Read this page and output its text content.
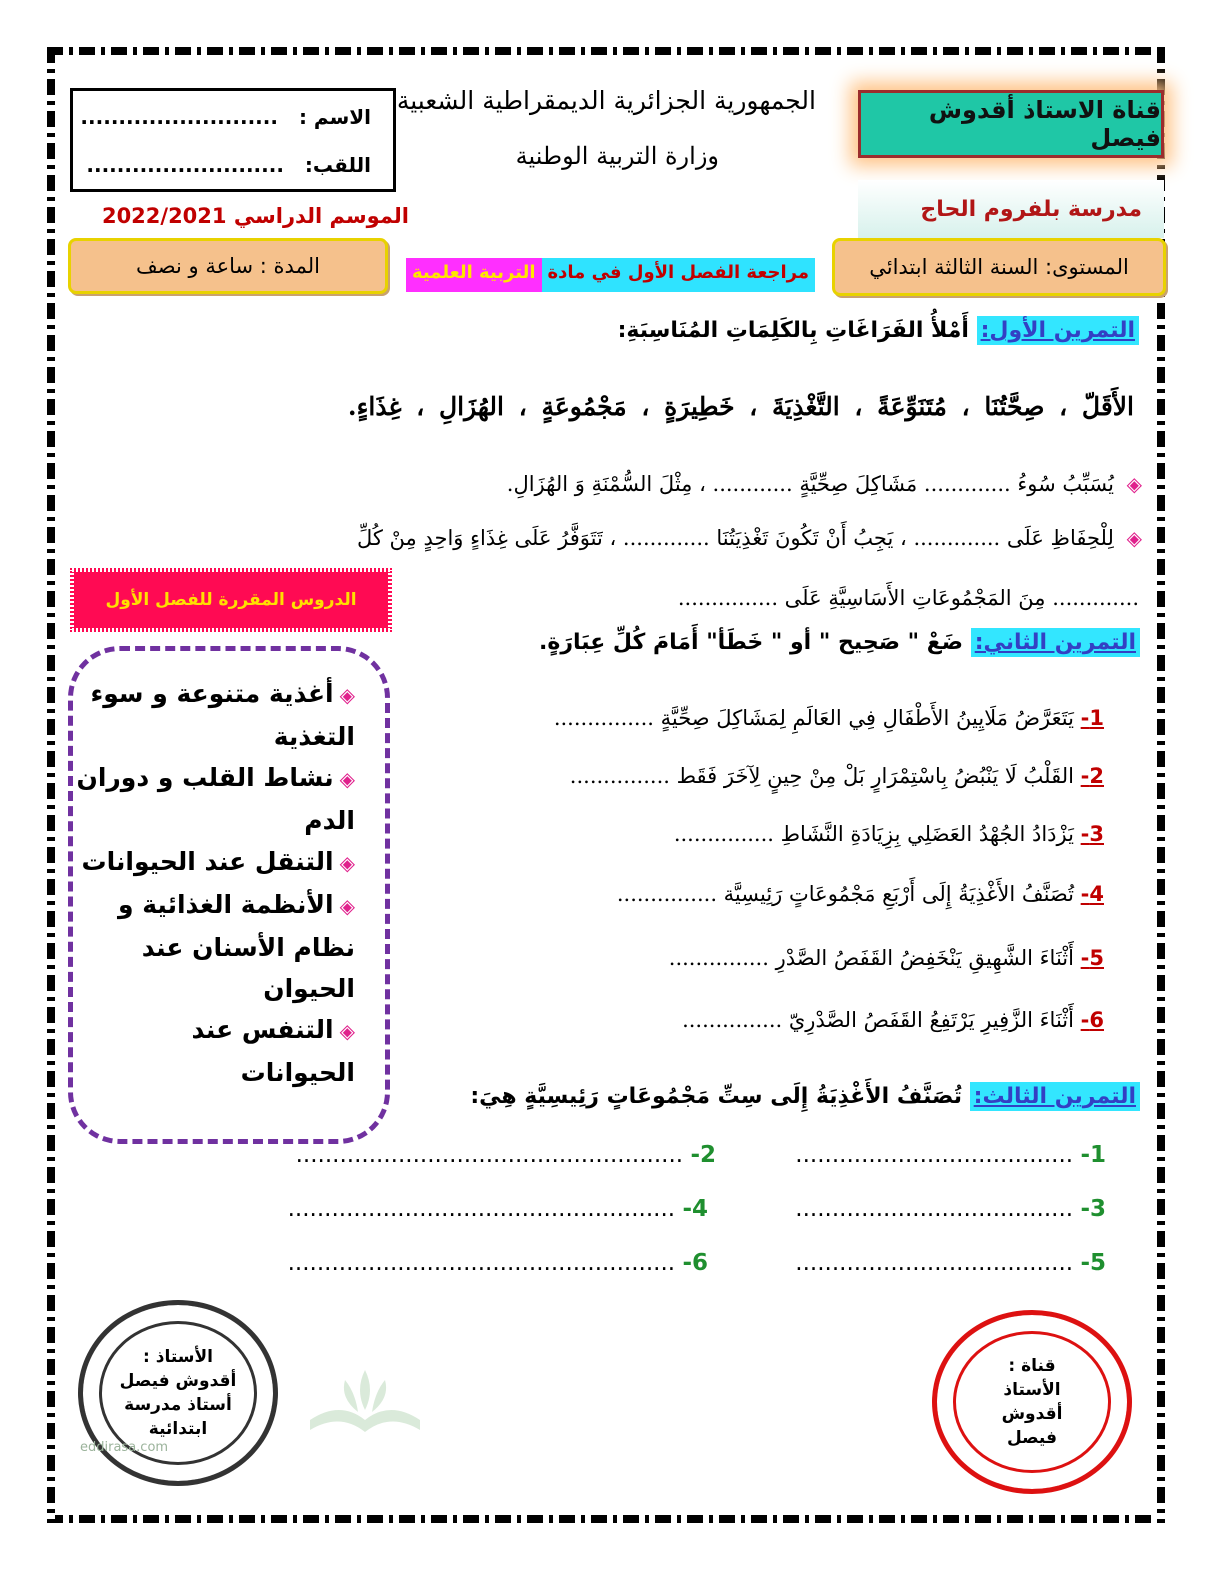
الاسم : ..........................
اللقب: ..........................
الجمهورية الجزائرية الديمقراطية الشعبية
وزارة التربية الوطنية
الموسم الدراسي 2022/2021
قناة الاستاذ أقدوش فيصل
مدرسة بلفروم الحاج
المستوى: السنة الثالثة ابتدائي
المدة : ساعة و نصف	مراجعة الفصل الأول في مادة
التربية العلمية
التمرين الأول: أَمْلأُ الفَرَاغَاتِ بِالكَلِمَاتِ المُنَاسِبَةِ:
الأَقَلّ ، صِحَّتُنَا ، مُتَنَوِّعَةً ، التَّغْذِيَةَ ، خَطِيرَةٍ ، مَجْمُوعَةٍ ، الهُزَالِ ، غِذَاءٍ.
◈ يُسَبِّبُ سُوءُ ............. مَشَاكِلَ صِحِّيَّةٍ ............ ، مِثْلَ السُّمْنَةِ وَ الهُزَالِ.
◈ لِلْحِفَاظِ عَلَى ............. ، يَجِبُ أَنْ تَكُونَ تَغْذِيَتُنَا ............. ، تَتَوَفَّرُ عَلَى غِذَاءٍ وَاحِدٍ مِنْ كُلِّ
............. مِنَ المَجْمُوعَاتِ الأَسَاسِيَّةِ عَلَى ...............
الدروس المقررة للفصل الأول
◈أغذية متنوعة و سوء التغذية
◈نشاط القلب و دوران الدم
◈التنقل عند الحيوانات
◈الأنظمة الغذائية و نظام الأسنان عند الحيوان
◈التنفس عند الحيوانات
التمرين الثاني: ضَعْ " صَحِيح " أو " خَطَأ" أَمَامَ كُلِّ عِبَارَةٍ.
1- يَتَعَرَّضُ مَلَايِينُ الأَطْفَالِ فِي العَالَمِ لِمَشَاكِلَ صِحِّيَّةٍ ...............
2- القَلْبُ لَا يَنْبُضُ بِاسْتِمْرَارٍ بَلْ مِنْ حِينٍ لِآخَرَ فَقَط ...............
3- يَزْدَادُ الجُهْدُ العَضَلِي بِزِيَادَةِ النَّشَاطِ ...............
4- تُصَنَّفُ الأَغْذِيَةُ إِلَى أَرْبَعِ مَجْمُوعَاتٍ رَئِيسِيَّة ...............
5- أَثْنَاءَ الشَّهِيقِ يَنْخَفِضُ القَفَصُ الصَّدْرِ ...............
6- أَثْنَاءَ الزَّفِيرِ يَرْتَفِعُ القَفَصُ الصَّدْرِيّ ...............
التمرين الثالث: تُصَنَّفُ الأَغْذِيَةُ إِلَى سِتِّ مَجْمُوعَاتٍ رَئِيسِيَّةٍ هِيَ:
1- ......................................
2- .....................................................
3- ......................................
4- .....................................................
5- ......................................
6- .....................................................
الأستاذ : أقدوش فيصل أستاذ مدرسة ابتدائية
قناة : الأستاذ أقدوش فيصل
eddirasa.com
